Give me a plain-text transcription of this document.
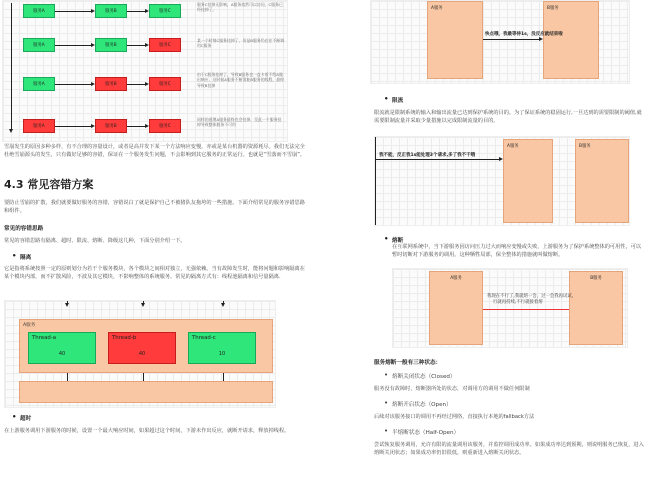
服务A	服务B	服务C
服务C挂掉无影响，A服务依然可以访问，C服务已经挂掉了。
服务A	服务B	服务C
某一个时刻C服务挂掉了，但是B服务仍在往不断调用C服务
服务A	服务B	服务C
由于C服务挂掉了，导致B服务也一直卡着不给A做出响应，这时候A服务不断消耗B服务的线程，最终导致B挂掉
服务A	服务B	服务C
同样的道理A服务最终也会挂掉，至此一个服务挂掉导致整体服务不可用
雪崩发生的原因多种多样，有不合理的容量设计，或者是高并发下某一个方法响应变慢，亦或是某台机器的资源耗尽。我们无法完全杜绝雪崩源头的发生，只有做好足够的容错，保证在一个服务发生问题，不会影响到其它服务的正常运行。也就是“雪落而不雪崩”。
4.3 常见容错方案
要防止雪崩的扩散，我们就要做好服务的容错，容错说白了就是保护自己不被猪队友拖垮的一些措施。下面介绍常见的服务容错思路和组件。
常见的容错思路
常见的容错思路有隔离、超时、限流、熔断、降级这几种，下面分别介绍一下。
• 隔离
它是指将系统按照一定的原则划分为若干个服务模块，各个模块之间相对独立，无强依赖。当有故障发生时，能将问题和影响隔离在某个模块内部，而不扩散风险，不波及其它模块，不影响整体的系统服务。常见的隔离方式有：线程池隔离和信号量隔离.
A服务
Thread-a
40
Thread-b
40
Thread-c
10
• 超时
在上游服务调用下游服务的时候，设置一个最大响应时间，如果超过这个时间，下游未作出反应，就断开请求，释放掉线程。
A服务	B服务
快点哦，我最等待1s，没反应就结束啦
• 限流
限流就是限制系统的输入和输出流量已达到保护系统的目的。为了保证系统的稳固运行,一旦达到的需要限制的阈值,就需要限制流量并采取少量措施以完成限制流量的目的。
A服务	B服务
我不能，反正我1s能处理3个请求,多了我不干哦
• 熔断
在互联网系统中，当下游服务因访问压力过大而响应变慢或失败，上游服务为了保护系统整体的可用性，可以暂时切断对下游服务的调用。这种牺牲局部，保全整体的措施就叫做熔断。
A服务	B服务
我现在不行了,我就熔一会，过一会我再试试,
行就再持续,不行就接着熔
服务熔断一般有三种状态：
• 熔断关闭状态（Closed）
服务没有故障时，熔断器所处的状态，对调用方的调用不做任何限制
• 熔断开启状态（Open）
后续对该服务接口的调用不再经过网络，直接执行本地的fallback方法
• 半熔断状态（Half-Open）
尝试恢复服务调用，允许有限的流量调用该服务，并监控调用成功率。如果成功率达到预期，则说明服务已恢复，进入熔断关闭状态；如果成功率仍旧很低，则重新进入熔断关闭状态。
